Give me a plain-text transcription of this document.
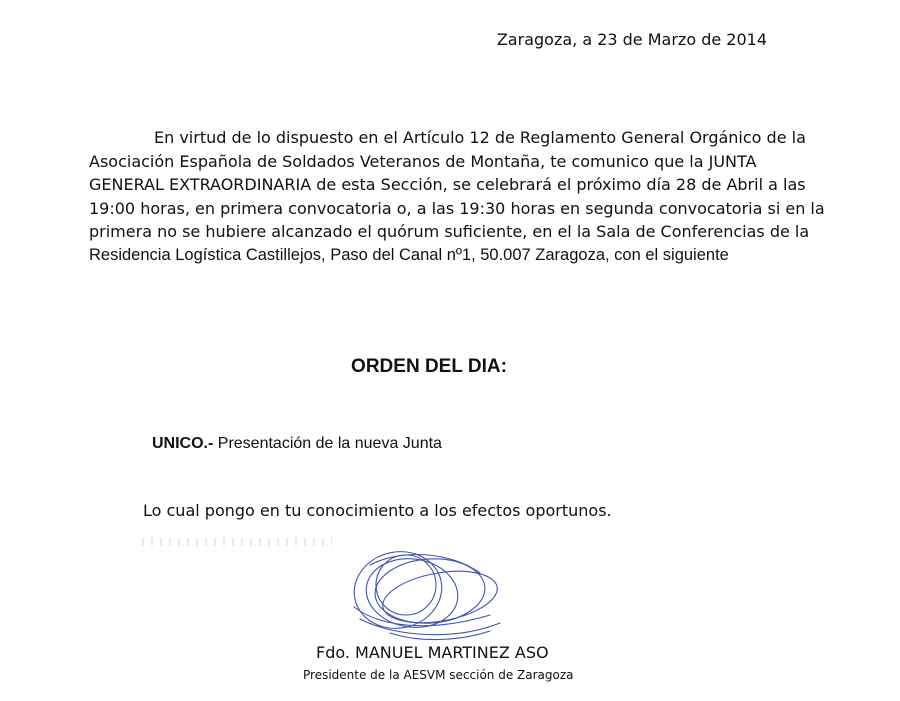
Zaragoza, a 23 de Marzo de 2014
En virtud de lo dispuesto en el Artículo 12 de Reglamento General Orgánico de la
Asociación Española de Soldados Veteranos de Montaña, te comunico que la JUNTA
GENERAL EXTRAORDINARIA de esta Sección, se celebrará el próximo día 28 de Abril a las
19:00 horas, en primera convocatoria o, a las 19:30 horas en segunda convocatoria si en la
primera no se hubiere alcanzado el quórum suficiente, en el la Sala de Conferencias de la
Residencia Logística Castillejos, Paso del Canal nº1, 50.007 Zaragoza, con el siguiente
ORDEN DEL DIA:
UNICO.- Presentación de la nueva Junta
Lo cual pongo en tu conocimiento a los efectos oportunos.
Fdo. MANUEL MARTINEZ ASO
Presidente de la AESVM sección de Zaragoza
